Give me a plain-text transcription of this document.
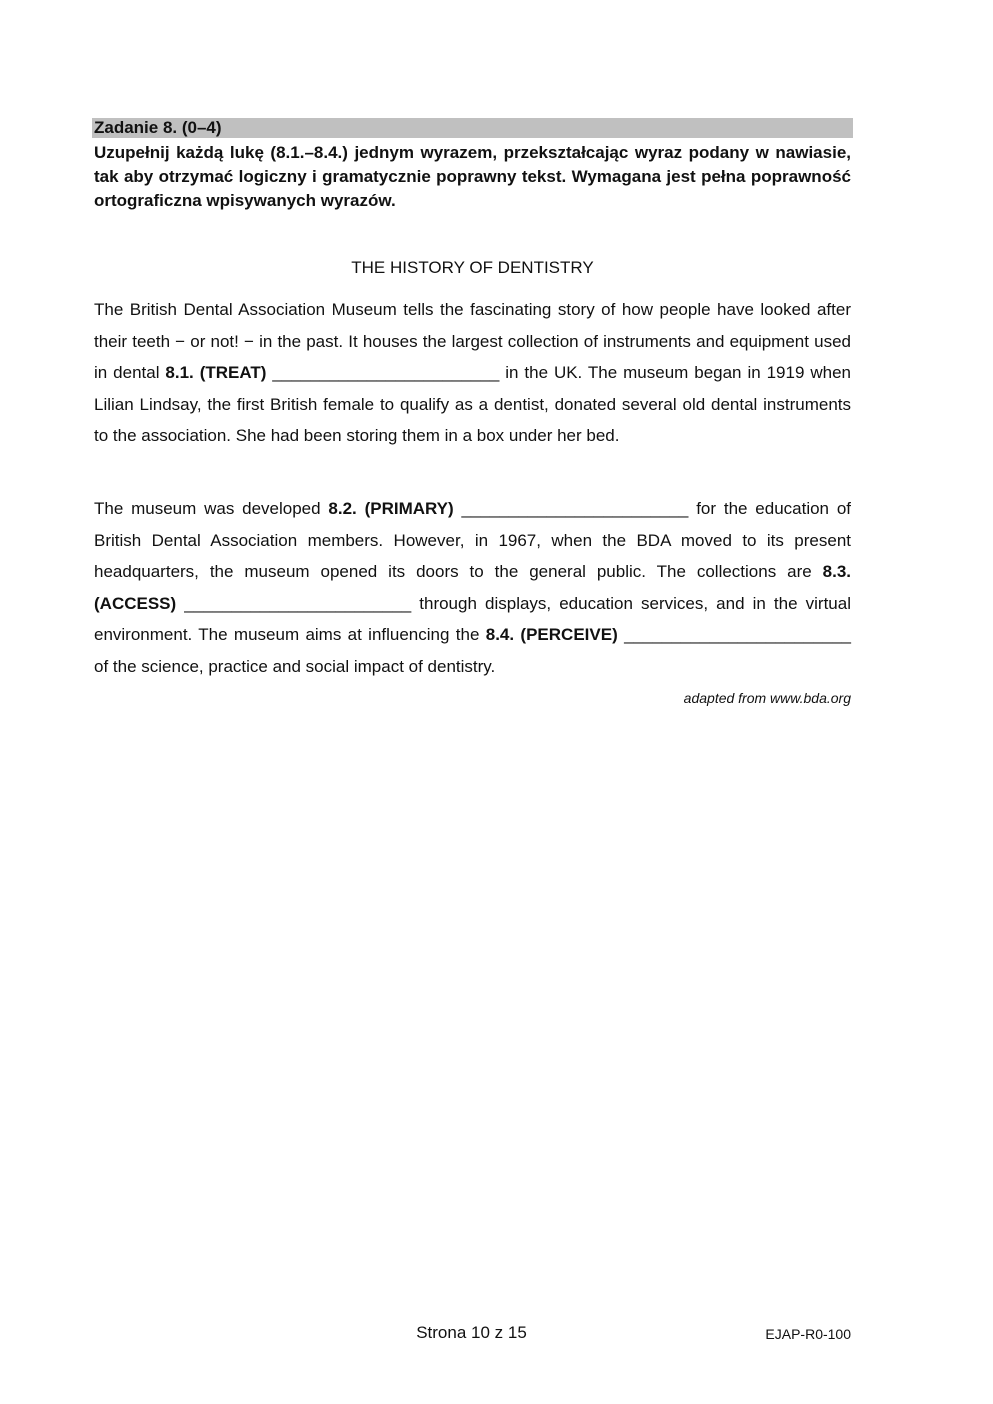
Zadanie 8. (0–4)
Uzupełnij każdą lukę (8.1.–8.4.) jednym wyrazem, przekształcając wyraz podany w nawiasie, tak aby otrzymać logiczny i gramatycznie poprawny tekst. Wymagana jest pełna poprawność ortograficzna wpisywanych wyrazów.
THE HISTORY OF DENTISTRY
The British Dental Association Museum tells the fascinating story of how people have looked after their teeth − or not! − in the past. It houses the largest collection of instruments and equipment used in dental 8.1. (TREAT) ________________________ in the UK. The museum began in 1919 when Lilian Lindsay, the first British female to qualify as a dentist, donated several old dental instruments to the association. She had been storing them in a box under her bed.
The museum was developed 8.2. (PRIMARY) ________________________ for the education of British Dental Association members. However, in 1967, when the BDA moved to its present headquarters, the museum opened its doors to the general public. The collections are 8.3. (ACCESS) ________________________ through displays, education services, and in the virtual environment. The museum aims at influencing the 8.4. (PERCEIVE) ________________________ of the science, practice and social impact of dentistry.
adapted from www.bda.org
Strona 10 z 15	EJAP-R0-100
